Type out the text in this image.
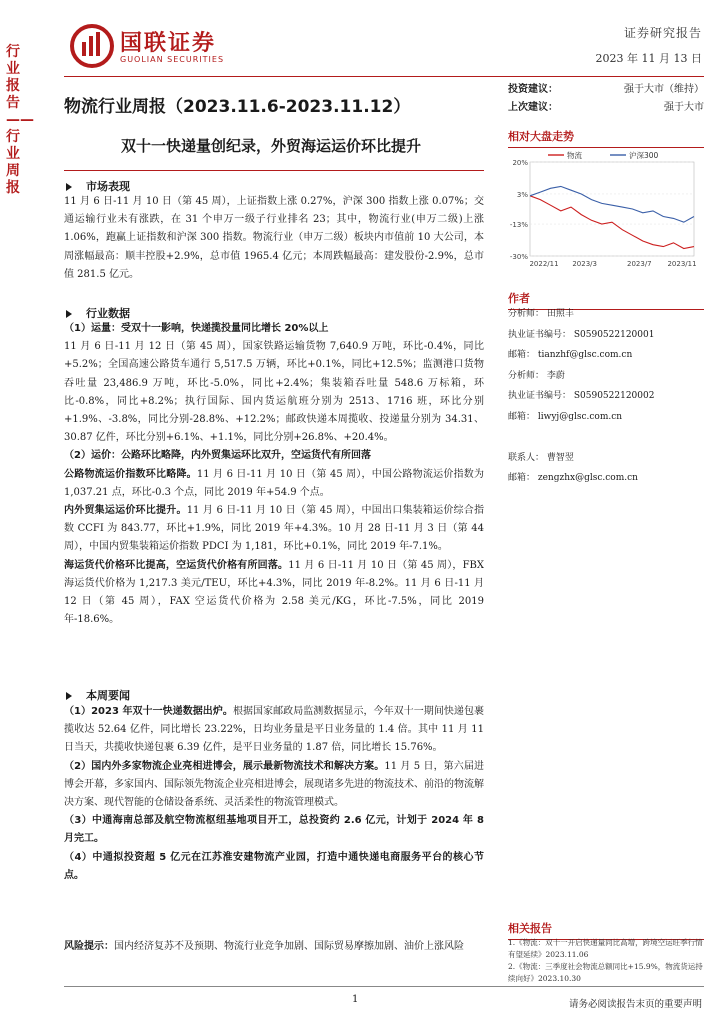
行业报告——行业周报
国联证券
GUOLIAN SECURITIES
证券研究报告
2023 年 11 月 13 日
物流行业周报（2023.11.6-2023.11.12）
双十一快递量创纪录，外贸海运运价环比提升
投资建议：	强于大市（维持）
上次建议：	强于大市
相对大盘走势
20%
3%
-13%
-30%
2022/11 2023/3	2023/7 2023/11
物流	沪深300
作者
分析师： 田照丰
执业证书编号： S0590522120001
邮箱： tianzhf@glsc.com.cn
分析师： 李蔚
执业证书编号： S0590522120002
邮箱： liwyj@glsc.com.cn

联系人： 曹智翌
邮箱： zengzhx@glsc.com.cn
相关报告
1.《物流：双十一开启快递量同比高增，跨境空运旺季行情有望延续》2023.11.06
2.《物流：三季度社会物流总额同比+15.9%，物流货运持续向好》2023.10.30
市场表现
11 月 6 日-11 月 10 日（第 45 周），上证指数上涨 0.27%，沪深 300 指数上涨 0.07%；交通运输行业未有涨跌，在 31 个申万一级子行业排名 23；其中，物流行业(申万二级)上涨 1.06%，跑赢上证指数和沪深 300 指数。物流行业（申万二级）板块内市值前 10 大公司，本周涨幅最高：顺丰控股+2.9%，总市值 1965.4 亿元；本周跌幅最高：建发股份-2.9%，总市值 281.5 亿元。
行业数据
（1）运量：受双十一影响，快递揽投量同比增长 20%以上
11 月 6 日-11 月 12 日（第 45 周），国家铁路运输货物 7,640.9 万吨，环比-0.4%，同比+5.2%；全国高速公路货车通行 5,517.5 万辆，环比+0.1%，同比+12.5%；监测港口货物吞吐量 23,486.9 万吨，环比-5.0%，同比+2.4%；集装箱吞吐量 548.6 万标箱，环比-0.8%，同比+8.2%；执行国际、国内货运航班分别为 2513、1716 班，环比分别+1.9%、-3.8%，同比分别-28.8%、+12.2%；邮政快递本周揽收、投递量分别为 34.31、30.87 亿件，环比分别+6.1%、+1.1%，同比分别+26.8%、+20.4%。
（2）运价：公路环比略降，内外贸集运环比双升，空运货代有所回落
公路物流运价指数环比略降。11 月 6 日-11 月 10 日（第 45 周），中国公路物流运价指数为 1,037.21 点，环比-0.3 个点，同比 2019 年+54.9 个点。
内外贸集运运价环比提升。11 月 6 日-11 月 10 日（第 45 周），中国出口集装箱运价综合指数 CCFI 为 843.77，环比+1.9%，同比 2019 年+4.3%。10 月 28 日-11 月 3 日（第 44 周），中国内贸集装箱运价指数 PDCI 为 1,181，环比+0.1%，同比 2019 年-7.1%。
海运货代价格环比提高，空运货代价格有所回落。11 月 6 日-11 月 10 日（第 45 周），FBX 海运货代价格为 1,217.3 美元/TEU，环比+4.3%，同比 2019 年-8.2%。11 月 6 日-11 月 12 日（第 45 周），FAX 空运货代价格为 2.58 美元/KG，环比-7.5%，同比 2019 年-18.6%。
本周要闻
（1）2023 年双十一快递数据出炉。根据国家邮政局监测数据显示，今年双十一期间快递包裹揽收达 52.64 亿件，同比增长 23.22%，日均业务量是平日业务量的 1.4 倍。其中 11 月 11 日当天，共揽收快递包裹 6.39 亿件，是平日业务量的 1.87 倍，同比增长 15.76%。
（2）国内外多家物流企业亮相进博会，展示最新物流技术和解决方案。11 月 5 日，第六届进博会开幕，多家国内、国际领先物流企业亮相进博会，展现诸多先进的物流技术、前沿的物流解决方案、现代智能的仓储设备系统、灵活柔性的物流管理模式。
（3）中通海南总部及航空物流枢纽基地项目开工，总投资约 2.6 亿元，计划于 2024 年 8 月完工。
（4）中通拟投资超 5 亿元在江苏淮安建物流产业园，打造中通快递电商服务平台的核心节点。
风险提示：国内经济复苏不及预期、物流行业竞争加剧、国际贸易摩擦加剧、油价上涨风险
1	请务必阅读报告末页的重要声明
